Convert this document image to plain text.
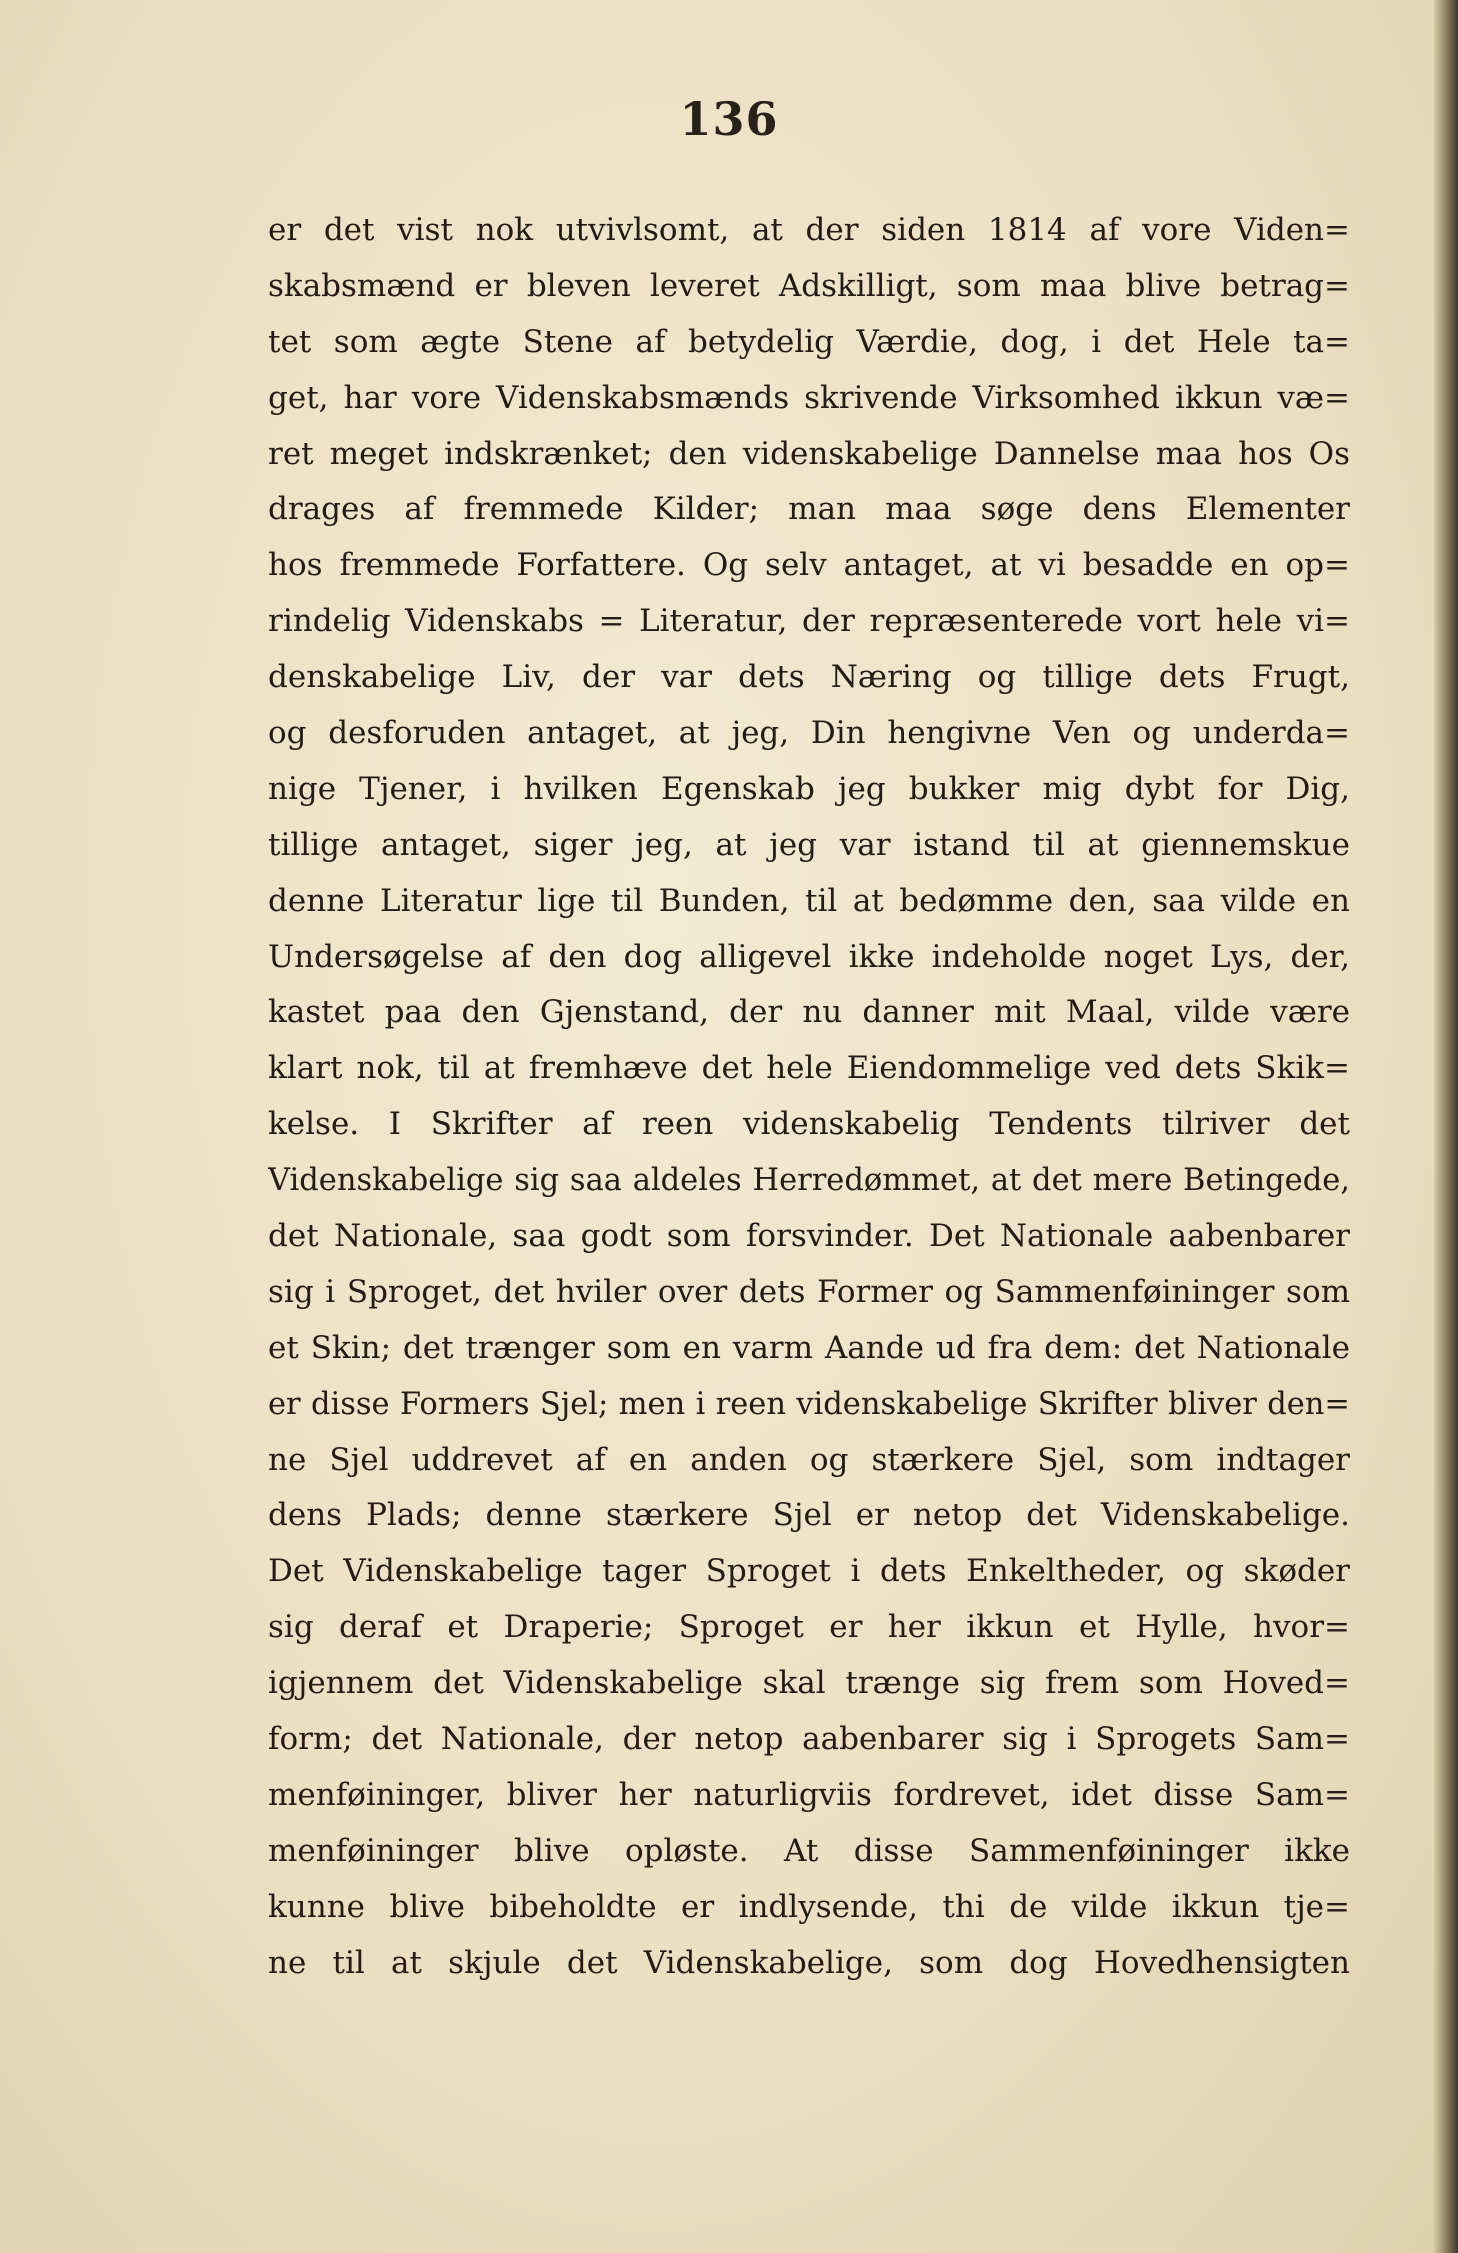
136
er det vist nok utvivlsomt, at der siden 1814 af vore Viden=
skabsmænd er bleven leveret Adskilligt, som maa blive betrag=
tet som ægte Stene af betydelig Værdie, dog, i det Hele ta=
get, har vore Videnskabsmænds skrivende Virksomhed ikkun væ=
ret meget indskrænket; den videnskabelige Dannelse maa hos Os
drages af fremmede Kilder; man maa søge dens Elementer
hos fremmede Forfattere. Og selv antaget, at vi besadde en op=
rindelig Videnskabs = Literatur, der repræsenterede vort hele vi=
denskabelige Liv, der var dets Næring og tillige dets Frugt,
og desforuden antaget, at jeg, Din hengivne Ven og underda=
nige Tjener, i hvilken Egenskab jeg bukker mig dybt for Dig,
tillige antaget, siger jeg, at jeg var istand til at giennemskue
denne Literatur lige til Bunden, til at bedømme den, saa vilde en
Undersøgelse af den dog alligevel ikke indeholde noget Lys, der,
kastet paa den Gjenstand, der nu danner mit Maal, vilde være
klart nok, til at fremhæve det hele Eiendommelige ved dets Skik=
kelse. I Skrifter af reen videnskabelig Tendents tilriver det
Videnskabelige sig saa aldeles Herredømmet, at det mere Betingede,
det Nationale, saa godt som forsvinder. Det Nationale aabenbarer
sig i Sproget, det hviler over dets Former og Sammenføininger som
et Skin; det trænger som en varm Aande ud fra dem: det Nationale
er disse Formers Sjel; men i reen videnskabelige Skrifter bliver den=
ne Sjel uddrevet af en anden og stærkere Sjel, som indtager
dens Plads; denne stærkere Sjel er netop det Videnskabelige.
Det Videnskabelige tager Sproget i dets Enkeltheder, og skøder
sig deraf et Draperie; Sproget er her ikkun et Hylle, hvor=
igjennem det Videnskabelige skal trænge sig frem som Hoved=
form; det Nationale, der netop aabenbarer sig i Sprogets Sam=
menføininger, bliver her naturligviis fordrevet, idet disse Sam=
menføininger blive opløste. At disse Sammenføininger ikke
kunne blive bibeholdte er indlysende, thi de vilde ikkun tje=
ne til at skjule det Videnskabelige, som dog Hovedhensigten
